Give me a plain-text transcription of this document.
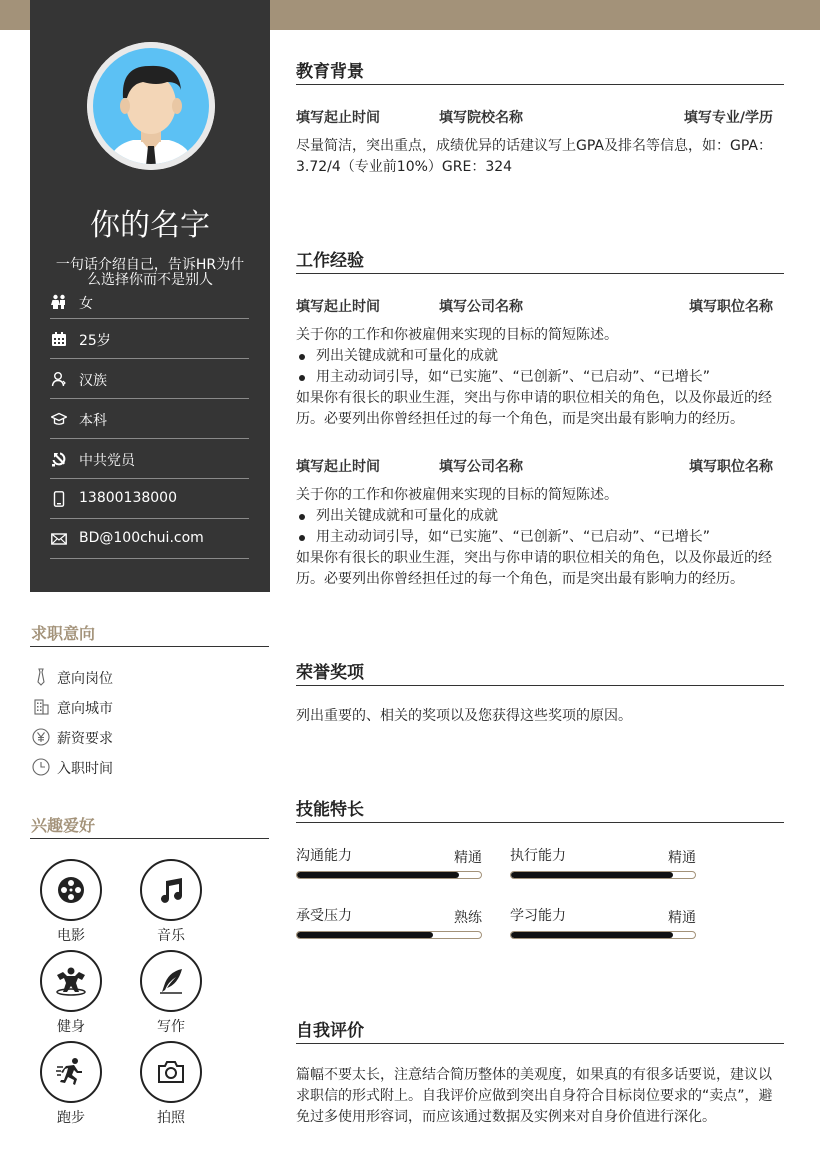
你的名字
一句话介绍自己，告诉HR为什么选择你而不是别人
女
25岁
汉族
本科
中共党员
13800138000
BD@100chui.com
求职意向
意向岗位
意向城市
薪资要求
入职时间
兴趣爱好
电影	音乐
健身	写作
跑步	拍照
教育背景
填写起止时间	填写院校名称	填写专业/学历
尽量简洁，突出重点，成绩优异的话建议写上GPA及排名等信息，如：GPA：3.72/4（专业前10%）GRE：324
工作经验
填写起止时间	填写公司名称	填写职位名称
关于你的工作和你被雇佣来实现的目标的简短陈述。
列出关键成就和可量化的成就
用主动动词引导，如“已实施”、“已创新”、“已启动”、“已增长”
如果你有很长的职业生涯，突出与你申请的职位相关的角色，以及你最近的经历。必要列出你曾经担任过的每一个角色，而是突出最有影响力的经历。
填写起止时间	填写公司名称	填写职位名称
关于你的工作和你被雇佣来实现的目标的简短陈述。
列出关键成就和可量化的成就
用主动动词引导，如“已实施”、“已创新”、“已启动”、“已增长”
如果你有很长的职业生涯，突出与你申请的职位相关的角色，以及你最近的经历。必要列出你曾经担任过的每一个角色，而是突出最有影响力的经历。
荣誉奖项
列出重要的、相关的奖项以及您获得这些奖项的原因。
技能特长
沟通能力	精通 执行能力	精通
承受压力	熟练 学习能力	精通
自我评价
篇幅不要太长，注意结合简历整体的美观度，如果真的有很多话要说，建议以求职信的形式附上。自我评价应做到突出自身符合目标岗位要求的“卖点”，避免过多使用形容词，而应该通过数据及实例来对自身价值进行深化。
